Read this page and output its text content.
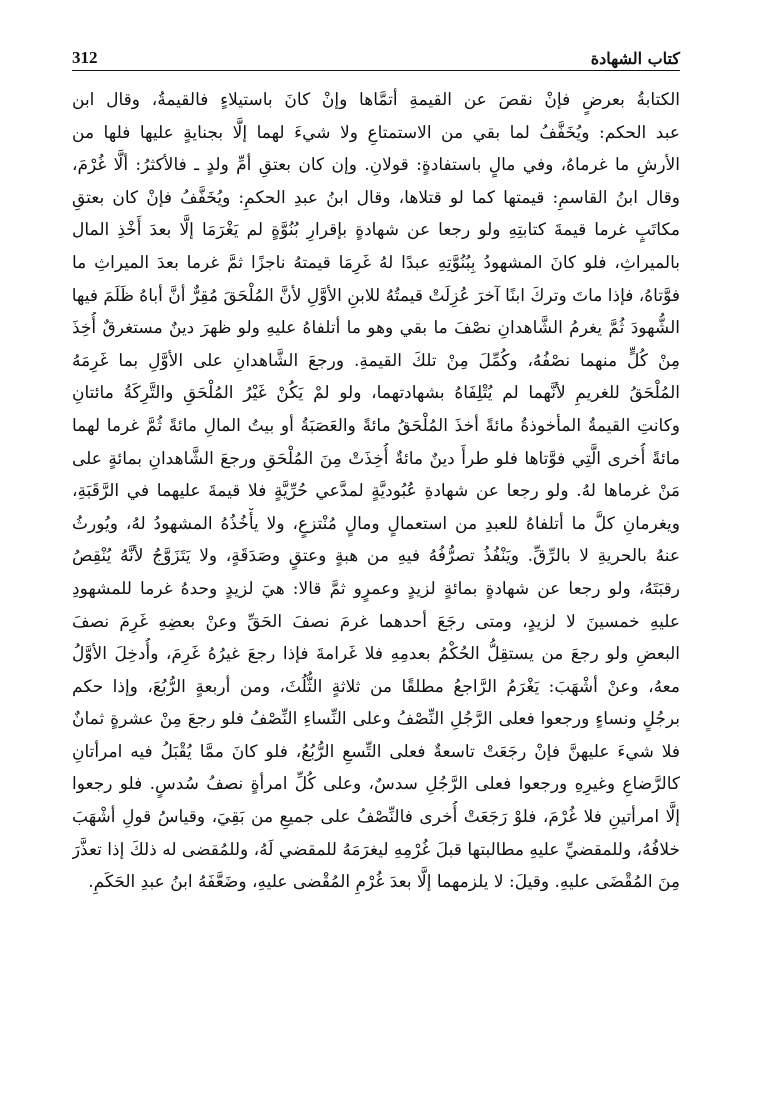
كتاب الشهادة
312
الكتابةُ بعرضٍ فإنْ نقصَ عن القيمةِ أتمَّاها وإنْ كانَ باستيلاءٍ فالقيمةُ، وقال ابن
عبد الحكم: ويُخَفَّفُ لما بقي من الاستمتاعِ ولا شيءَ لهما إلَّا بجنايةٍ عليها فلها من
الأرشِ ما غرماهُ، وفي مالٍ باستفادةٍ: قولانِ. وإن كان بعتقِ أمِّ ولدٍ ـ فالأكثرُ: ألَّا غُرْمَ،
وقال ابنُ القاسمِ: قيمتها كما لو قتلاها، وقال ابنُ عبدِ الحكمِ: ويُخَفَّفُ فإنْ كان بعتقِ
مكاتَبٍ غرما قيمةَ كتابتِهِ ولو رجعا عن شهادةٍ بإقرارِ بُنُوَّةٍ لم يَغْرَمَا إلَّا بعدَ أَخْذِ المال
بالميراثِ، فلو كانَ المشهودُ بِبُنُوَّتِهِ عبدًا لهُ غَرِمَا قيمتهُ ناجزًا ثمَّ غرما بعدَ الميراثِ ما
فوَّتاهُ، فإذا ماتَ وتركَ ابنًا آخرَ عُزِلَتْ قيمتُهُ للابنِ الأوَّلِ لأنَّ المُلْحَقَ مُقِرٌّ أنَّ أباهُ ظَلَمَ فيها
الشُّهودَ ثُمَّ يغرمُ الشَّاهدانِ نصْفَ ما بقي وهو ما أتلفاهُ عليهِ ولو ظهرَ دينٌ مستغرقٌ أُخِذَ
مِنْ كُلٍّ منهما نصْفُهُ، وكُمِّلَ مِنْ تلكَ القيمةِ. ورجعَ الشَّاهدانِ على الأوَّلِ بما غَرِمَهُ
المُلْحَقُ للغريمِ لأنَّهما لم يُتْلِفَاهُ بشهادتهما، ولو لمْ يَكُنْ غَيْرُ المُلْحَقِ والتَّرِكَةُ مائتانِ
وكانتِ القيمةُ المأخوذةُ مائةً أخذَ المُلْحَقُ مائةً والعَصَبَةُ أو بيتُ المالِ مائةً ثُمَّ غرما لهما
مائةً أُخرى الَّتِي فوَّتاها فلو طرأَ دينٌ مائةٌ أُخِذَتْ مِنَ المُلْحَقِ ورجعَ الشَّاهدانِ بمائةٍ على
مَنْ غرماها لهُ. ولو رجعا عن شهادةِ عُبُوديَّةٍ لمدَّعي حُرِّيَّةٍ فلا قيمةَ عليهما في الرَّقَبَةِ،
ويغرمانِ كلَّ ما أتلفاهُ للعبدِ من استعمالٍ ومالٍ مُنْتزعٍ، ولا يأْخُذُهُ المشهودُ لهُ، ويُورثُ
عنهُ بالحريةِ لا بالرِّقِّ. ويَنْفُذُ تصرُّفُهُ فيهِ من هبةٍ وعتقٍ وصَدَقَةٍ، ولا يَتَزَوَّجُ لأنَّهُ يُنْقِصُ
رقبَتَهُ، ولو رجعا عن شهادةٍ بمائةٍ لزيدٍ وعمرٍو ثمَّ قالا: هيَ لزيدٍ وحدهُ غرما للمشهودِ
عليهِ خمسينَ لا لزيدٍ، ومتى رجَعَ أحدهما غرمَ نصفَ الحَقِّ وعنْ بعضِهِ غَرِمَ نصفَ
البعضِ ولو رجعَ من يستقِلُّ الحُكْمُ بعدمِهِ فلا غَرامةَ فإذا رجعَ غيرُهُ غَرِمَ، وأُدخِلَ الأوَّلُ
معهُ، وعنْ أشْهَبَ: يَغْرَمُ الرَّاجعُ مطلقًا من ثلاثةٍ الثُّلُثَ، ومن أربعةٍ الرُّبُعَ، وإذا حكم
برجُلٍ ونساءٍ ورجعوا فعلى الرَّجُلِ النِّصْفُ وعلى النِّساءِ النِّصْفُ فلو رجعَ مِنْ عشرةٍ ثمانٌ
فلا شيءَ عليهنَّ فإنْ رجَعَتْ تاسعةٌ فعلى التِّسعِ الرُّبُعُ، فلو كانَ ممَّا يُقْبَلُ فيه امرأتانِ
كالرَّضاعِ وغيرِهِ ورجعوا فعلى الرَّجُلِ سدسٌ، وعلى كُلِّ امرأةٍ نصفُ سُدسٍ. فلو رجعوا
إلَّا امرأتينِ فلا غُرْمَ، فلوْ رَجَعَتْ أُخرى فالنِّصْفُ على جميعِ من بَقِيَ، وقياسُ قولِ أشْهَبَ
خلافُهُ، وللمقضيِّ عليهِ مطالبتها قبلَ غُرْمِهِ ليغرَمَهُ للمقضي لَهُ، وللمُقضى له ذلكَ إذا تعذَّرَ
مِنَ المُقْضَى عليهِ. وقيلَ: لا يلزمهما إلَّا بعدَ غُرْمِ المُقْضى عليهِ، وضَعَّفَهُ ابنُ عبدِ الحَكَمِ.
